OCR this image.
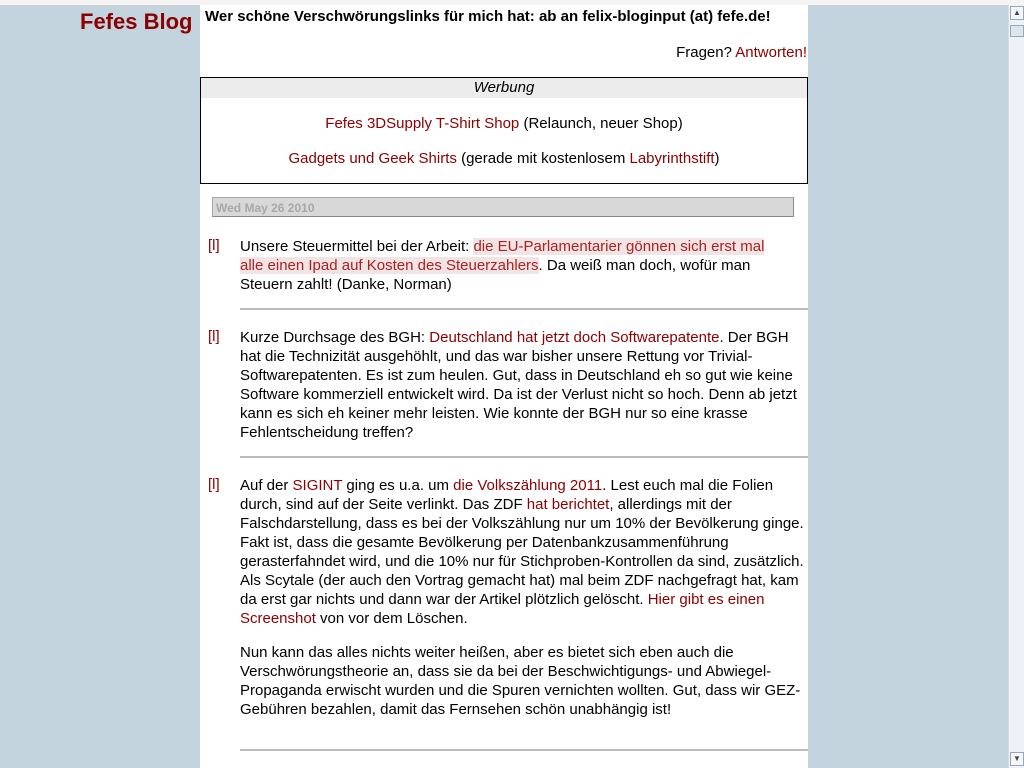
Fefes Blog Wer schöne Verschwörungslinks für mich hat: ab an felix-bloginput (at) fefe.de!
Fragen? Antworten!
Werbung
Fefes 3DSupply T-Shirt Shop (Relaunch, neuer Shop)
Gadgets und Geek Shirts (gerade mit kostenlosem Labyrinthstift)
Wed May 26 2010
[l] Unsere Steuermittel bei der Arbeit: die EU-Parlamentarier gönnen sich erst mal alle einen Ipad auf Kosten des Steuerzahlers. Da weiß man doch, wofür man Steuern zahlt! (Danke, Norman)
[l] Kurze Durchsage des BGH: Deutschland hat jetzt doch Softwarepatente. Der BGH hat die Technizität ausgehöhlt, und das war bisher unsere Rettung vor Trivial-Softwarepatenten. Es ist zum heulen. Gut, dass in Deutschland eh so gut wie keine Software kommerziell entwickelt wird. Da ist der Verlust nicht so hoch. Denn ab jetzt kann es sich eh keiner mehr leisten. Wie konnte der BGH nur so eine krasse Fehlentscheidung treffen?
[l] Auf der SIGINT ging es u.a. um die Volkszählung 2011. Lest euch mal die Folien durch, sind auf der Seite verlinkt. Das ZDF hat berichtet, allerdings mit der Falschdarstellung, dass es bei der Volkszählung nur um 10% der Bevölkerung ginge. Fakt ist, dass die gesamte Bevölkerung per Datenbankzusammenführung gerasterfahndet wird, und die 10% nur für Stichproben-Kontrollen da sind, zusätzlich. Als Scytale (der auch den Vortrag gemacht hat) mal beim ZDF nachgefragt hat, kam da erst gar nichts und dann war der Artikel plötzlich gelöscht. Hier gibt es einen Screenshot von vor dem Löschen.

Nun kann das alles nichts weiter heißen, aber es bietet sich eben auch die Verschwörungstheorie an, dass sie da bei der Beschwichtigungs- und Abwiegel-Propaganda erwischt wurden und die Spuren vernichten wollten. Gut, dass wir GEZ-Gebühren bezahlen, damit das Fernsehen schön unabhängig ist!

▲
▼
